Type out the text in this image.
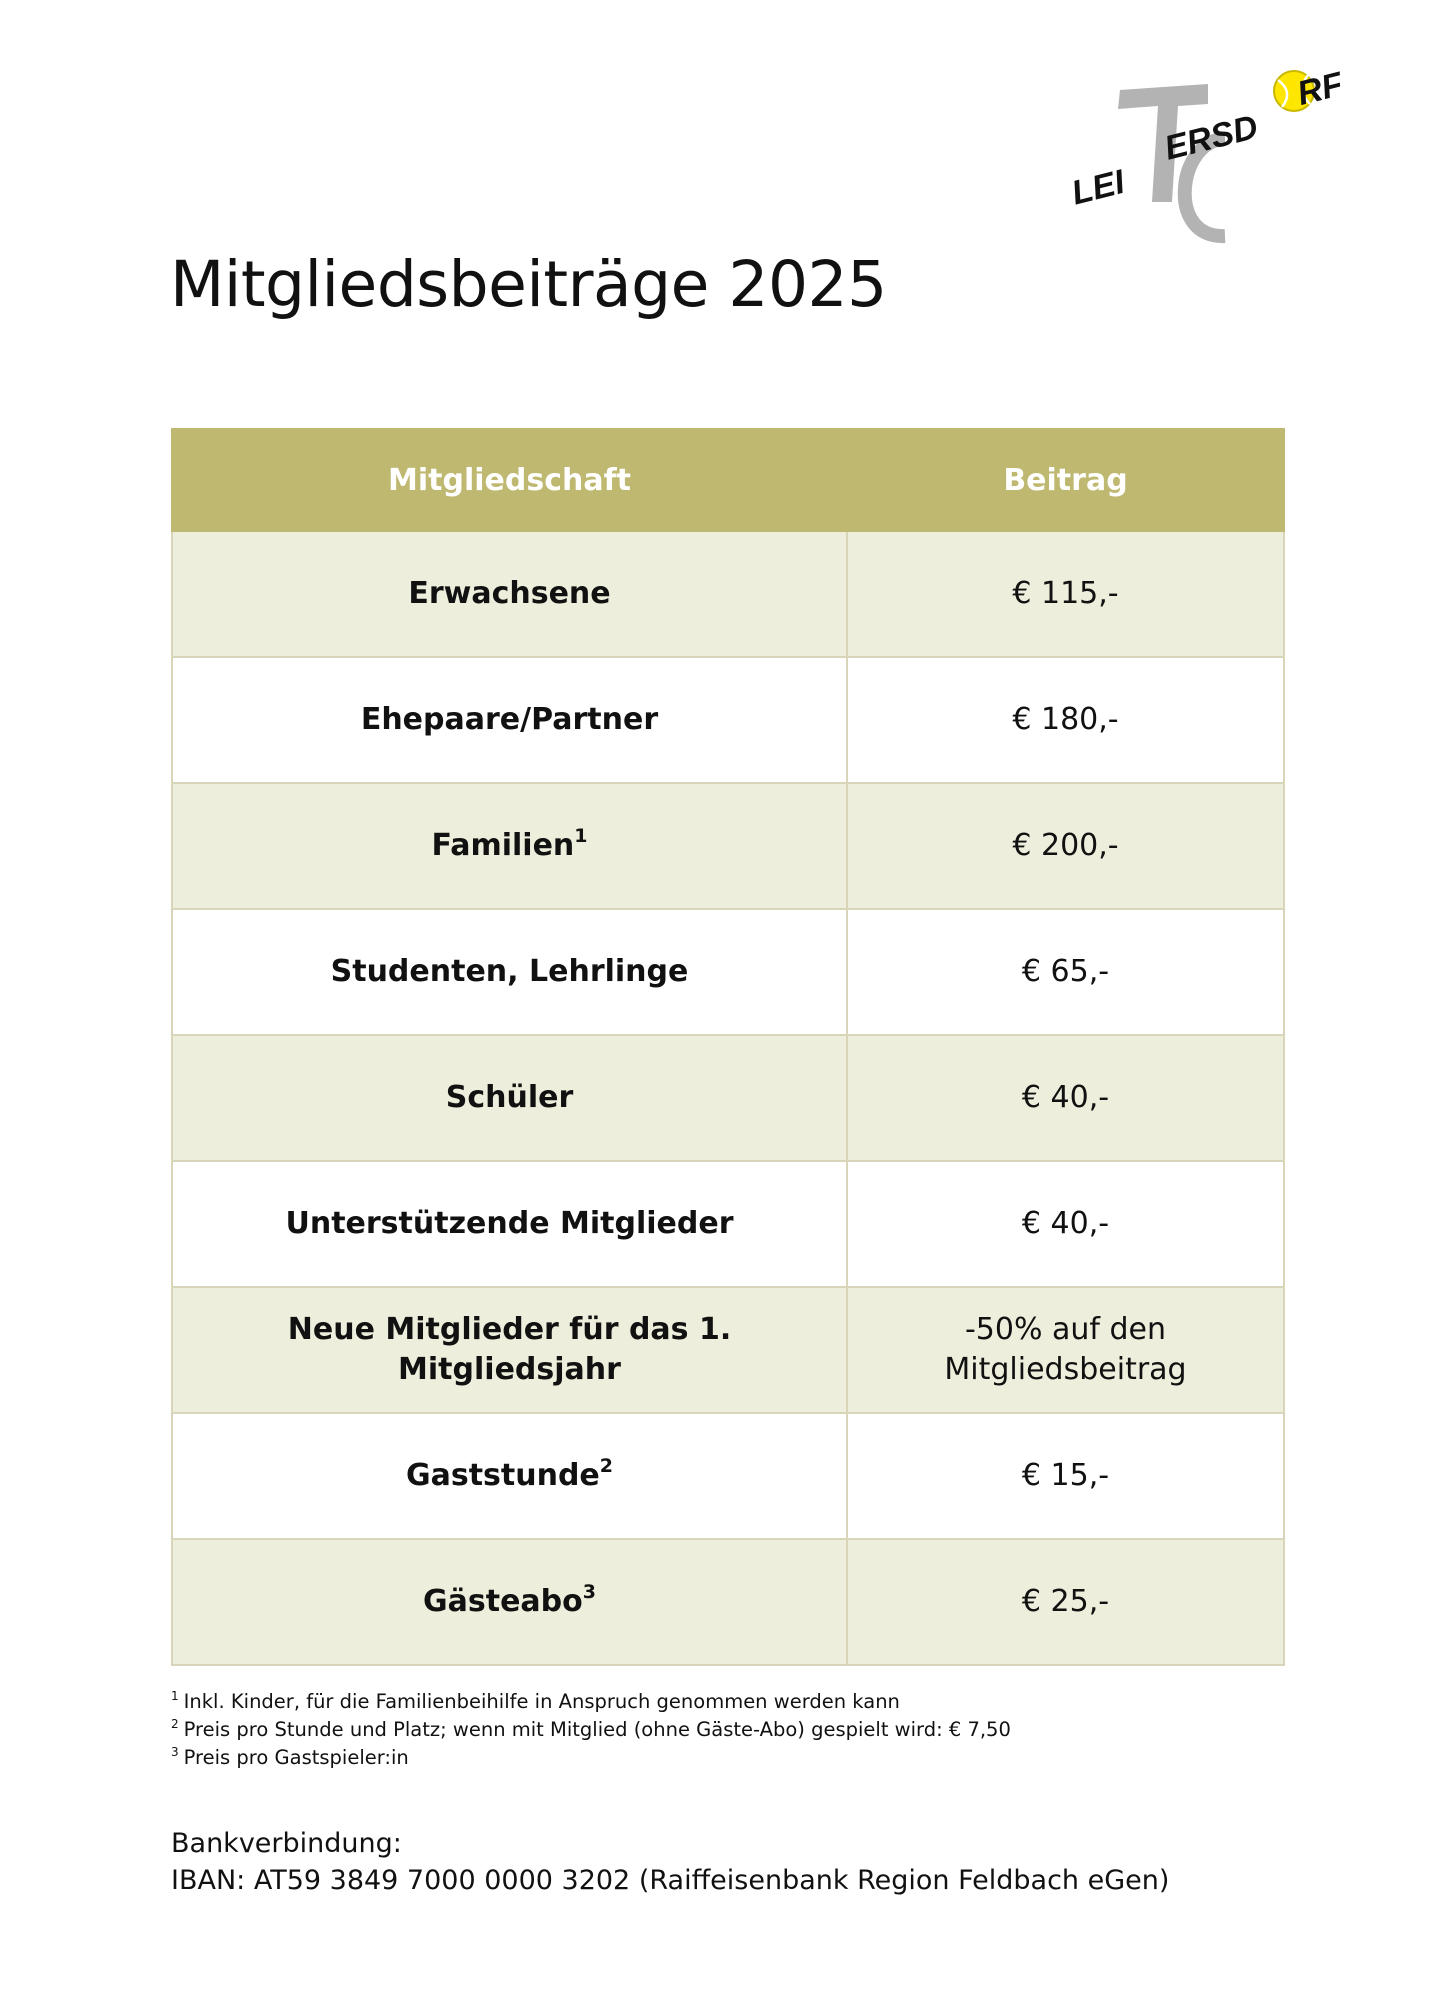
LEI
ERSD
RF
Mitgliedsbeiträge 2025
Mitgliedschaft	Beitrag
Erwachsene	€ 115,-
Ehepaare/Partner	€ 180,-
Familien$^1$	€ 200,-
Studenten, Lehrlinge	€ 65,-
Schüler	€ 40,-
Unterstützende Mitglieder	€ 40,-
Neue Mitglieder für das 1. Mitgliedsjahr	-50% auf den
Mitgliedsbeitrag
Gaststunde$^2$	€ 15,-
Gästeabo$^3$	€ 25,-
$^1$ Inkl. Kinder, für die Familienbeihilfe in Anspruch genommen werden kann
$^2$ Preis pro Stunde und Platz; wenn mit Mitglied (ohne Gäste-Abo) gespielt wird: € 7,50
$^3$ Preis pro Gastspieler:in
Bankverbindung:
IBAN: AT59 3849 7000 0000 3202 (Raiffeisenbank Region Feldbach eGen)
